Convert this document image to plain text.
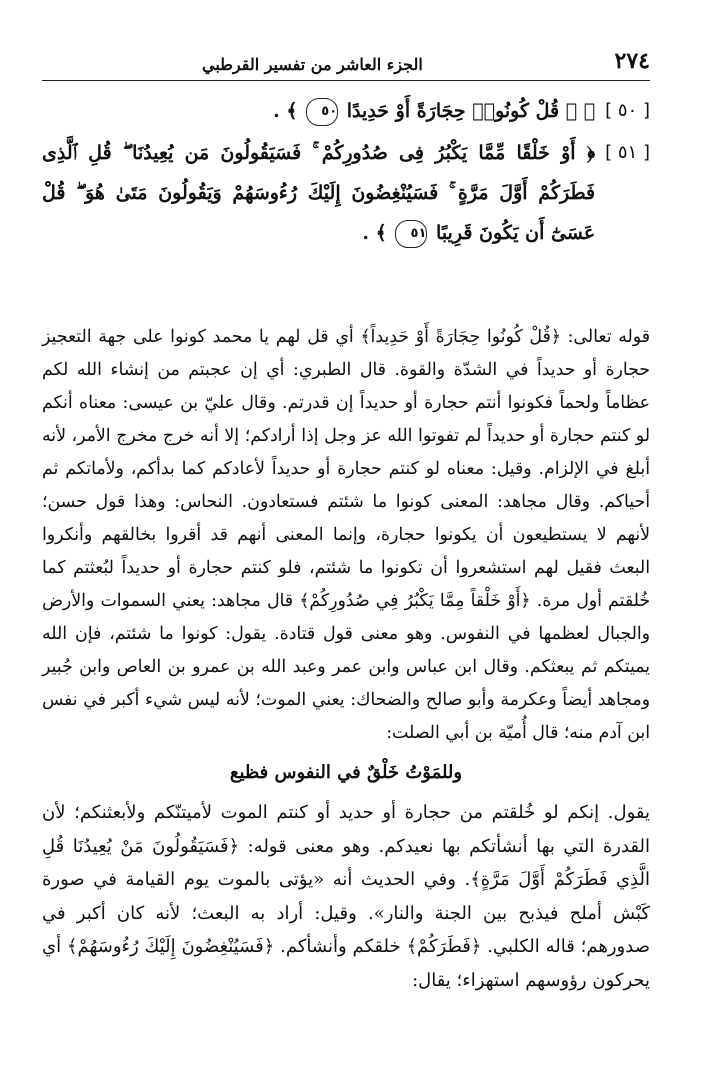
٢٧٤
الجزء العاشر من تفسير القرطبي
[ ٥٠ ]
﴿ ۞ قُلْ كُونُوا۟ حِجَارَةً أَوْ حَدِيدًا ٥٠ ﴾ .
[ ٥١ ]
﴿ أَوْ خَلْقًا مِّمَّا يَكْبُرُ فِى صُدُورِكُمْ ۚ فَسَيَقُولُونَ مَن يُعِيدُنَا ۖ قُلِ ٱلَّذِى فَطَرَكُمْ أَوَّلَ مَرَّةٍ ۚ فَسَيُنْغِضُونَ إِلَيْكَ رُءُوسَهُمْ وَيَقُولُونَ مَتَىٰ هُوَ ۖ قُلْ عَسَىٰٓ أَن يَكُونَ قَرِيبًا ٥١ ﴾ .

قوله تعالى: ﴿قُلْ كُونُوا حِجَارَةً أَوْ حَدِيداً﴾ أي قل لهم يا محمد كونوا على جهة التعجيز حجارة أو حديداً في الشدّة والقوة. قال الطبري: أي إن عجبتم من إنشاء الله لكم عظاماً ولحماً فكونوا أنتم حجارة أو حديداً إن قدرتم. وقال عليّ بن عيسى: معناه أنكم لو كنتم حجارة أو حديداً لم تفوتوا الله عز وجل إذا أرادكم؛ إلا أنه خرج مخرج الأمر، لأنه أبلغ في الإلزام. وقيل: معناه لو كنتم حجارة أو حديداً لأعادكم كما بدأكم، ولأماتكم ثم أحياكم. وقال مجاهد: المعنى كونوا ما شئتم فستعادون. النحاس: وهذا قول حسن؛ لأنهم لا يستطيعون أن يكونوا حجارة، وإنما المعنى أنهم قد أقروا بخالقهم وأنكروا البعث فقيل لهم استشعروا أن تكونوا ما شئتم، فلو كنتم حجارة أو حديداً لبُعثتم كما خُلقتم أول مرة. ﴿أَوْ خَلْقاً مِمَّا يَكْبُرُ فِي صُدُورِكُمْ﴾ قال مجاهد: يعني السموات والأرض والجبال لعظمها في النفوس. وهو معنى قول قتادة. يقول: كونوا ما شئتم، فإن الله يميتكم ثم يبعثكم. وقال ابن عباس وابن عمر وعبد الله بن عمرو بن العاص وابن جُبير ومجاهد أيضاً وعكرمة وأبو صالح والضحاك: يعني الموت؛ لأنه ليس شيء أكبر في نفس ابن آدم منه؛ قال أُميّة بن أبي الصلت:

وللمَوْتُ خَلْقٌ في النفوس فظيع

يقول. إنكم لو خُلقتم من حجارة أو حديد أو كنتم الموت لأميتنّكم ولأبعثنكم؛ لأن القدرة التي بها أنشأتكم بها نعيدكم. وهو معنى قوله: ﴿فَسَيَقُولُونَ مَنْ يُعِيدُنَا قُلِ الَّذِي فَطَرَكُمْ أَوَّلَ مَرَّةٍ﴾. وفي الحديث أنه «يؤتى بالموت يوم القيامة في صورة كَبْش أملح فيذبح بين الجنة والنار». وقيل: أراد به البعث؛ لأنه كان أكبر في صدورهم؛ قاله الكلبي. ﴿فَطَرَكُمْ﴾ خلقكم وأنشأكم. ﴿فَسَيُنْغِضُونَ إِلَيْكَ رُءُوسَهُمْ﴾ أي يحركون رؤوسهم استهزاء؛ يقال:
